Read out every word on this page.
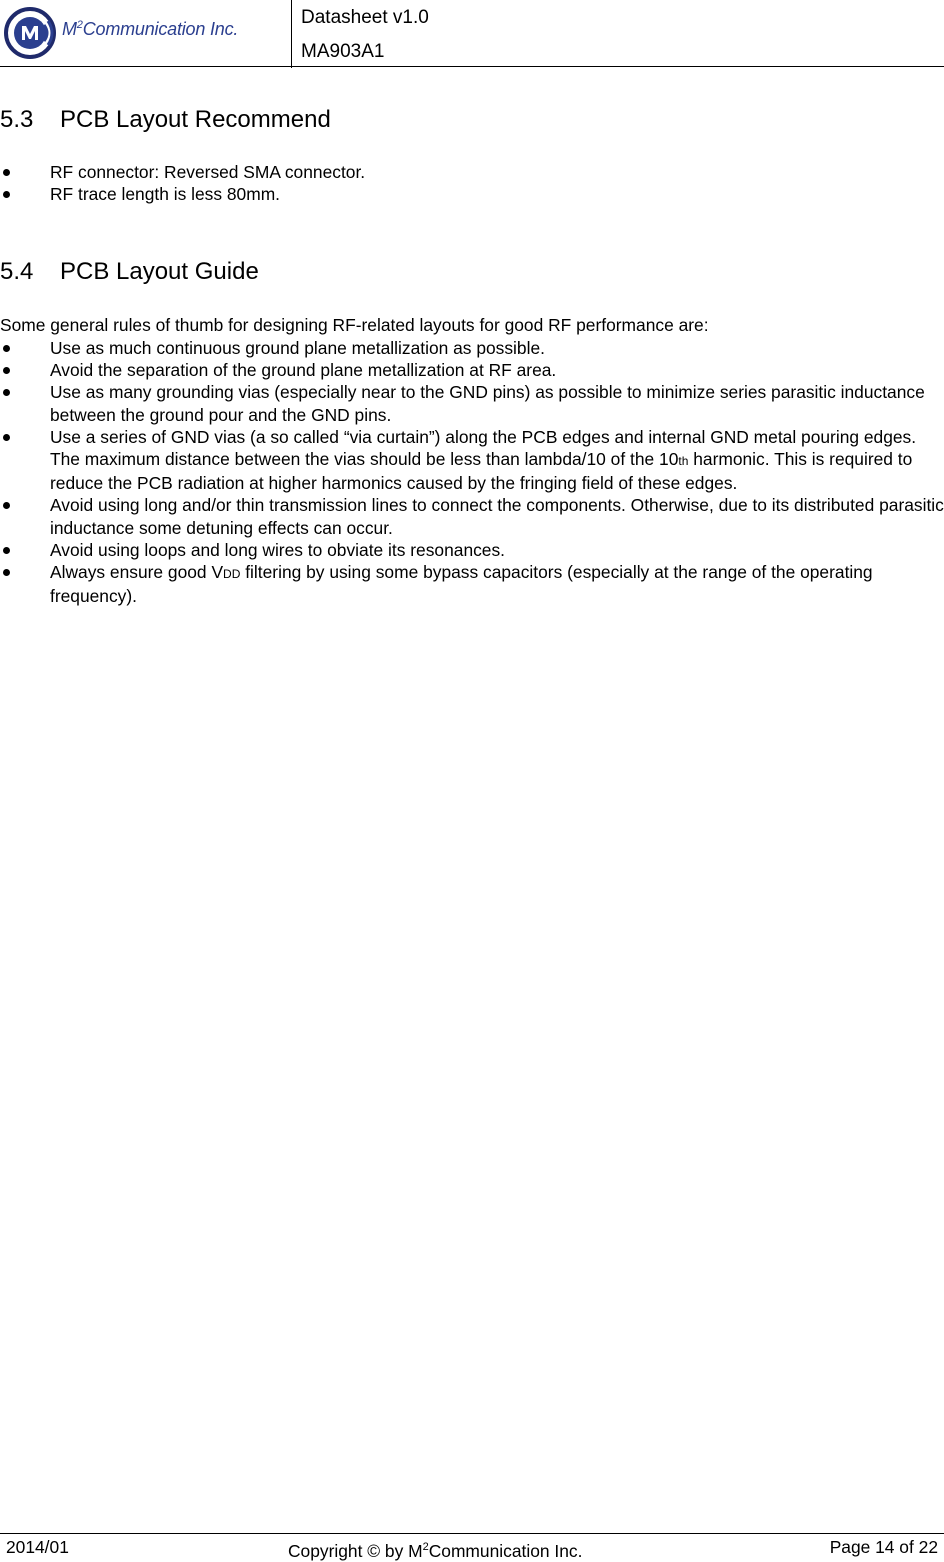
$M^2Communication$ Inc.
Datasheet v1.0
MA903A1
5.3 PCB Layout Recommend
RF connector: Reversed SMA connector.
RF trace length is less 80mm.
5.4 PCB Layout Guide
Some general rules of thumb for designing RF-related layouts for good RF performance are:
Use as much continuous ground plane metallization as possible.
Avoid the separation of the ground plane metallization at RF area.
Use as many grounding vias (especially near to the GND pins) as possible to minimize series parasitic inductance between the ground pour and the GND pins.
Use a series of GND vias (a so called “via curtain”) along the PCB edges and internal GND metal pouring edges. The maximum distance between the vias should be less than lambda/10 of the 10th harmonic. This is required to reduce the PCB radiation at higher harmonics caused by the fringing field of these edges.
Avoid using long and/or thin transmission lines to connect the components. Otherwise, due to its distributed parasitic inductance some detuning effects can occur.
Avoid using loops and long wires to obviate its resonances.
Always ensure good VDD filtering by using some bypass capacitors (especially at the range of the operating frequency).
2014/01	Copyright © by $M^2Communication$ Inc.	Page 14 of 22
